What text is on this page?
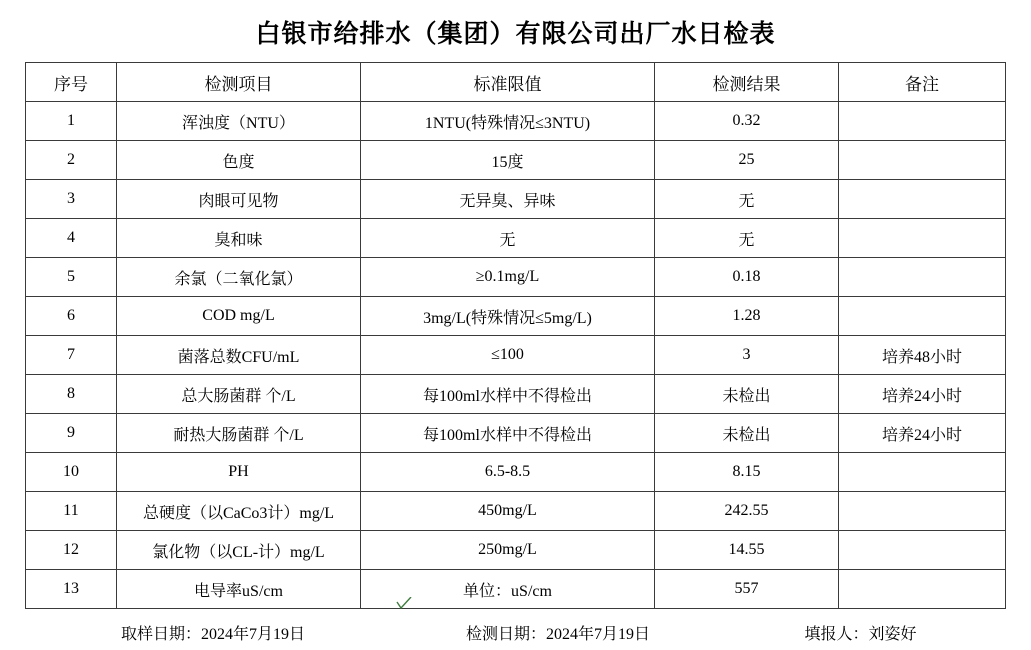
白银市给排水（集团）有限公司出厂水日检表
序号	检测项目	标准限值	检测结果	备注
1	浑浊度（NTU）	1NTU(特殊情况≤3NTU)	0.32	
2	色度	15度	25	
3	肉眼可见物	无异臭、异味	无	
4	臭和味	无	无	
5	余氯（二氧化氯）	≥0.1mg/L	0.18	
6	COD mg/L	3mg/L(特殊情况≤5mg/L)	1.28	
7	菌落总数CFU/mL	≤100	3	培养48小时
8	总大肠菌群 个/L	每100ml水样中不得检出	未检出	培养24小时
9	耐热大肠菌群 个/L	每100ml水样中不得检出	未检出	培养24小时
10	PH	6.5-8.5	8.15	
11	总硬度（以CaCo3计）mg/L	450mg/L	242.55	
12	氯化物（以CL-计）mg/L	250mg/L	14.55	
13	电导率uS/cm	单位：uS/cm	557	
取样日期：2024年7月19日	检测日期：2024年7月19日	填报人：刘姿好
